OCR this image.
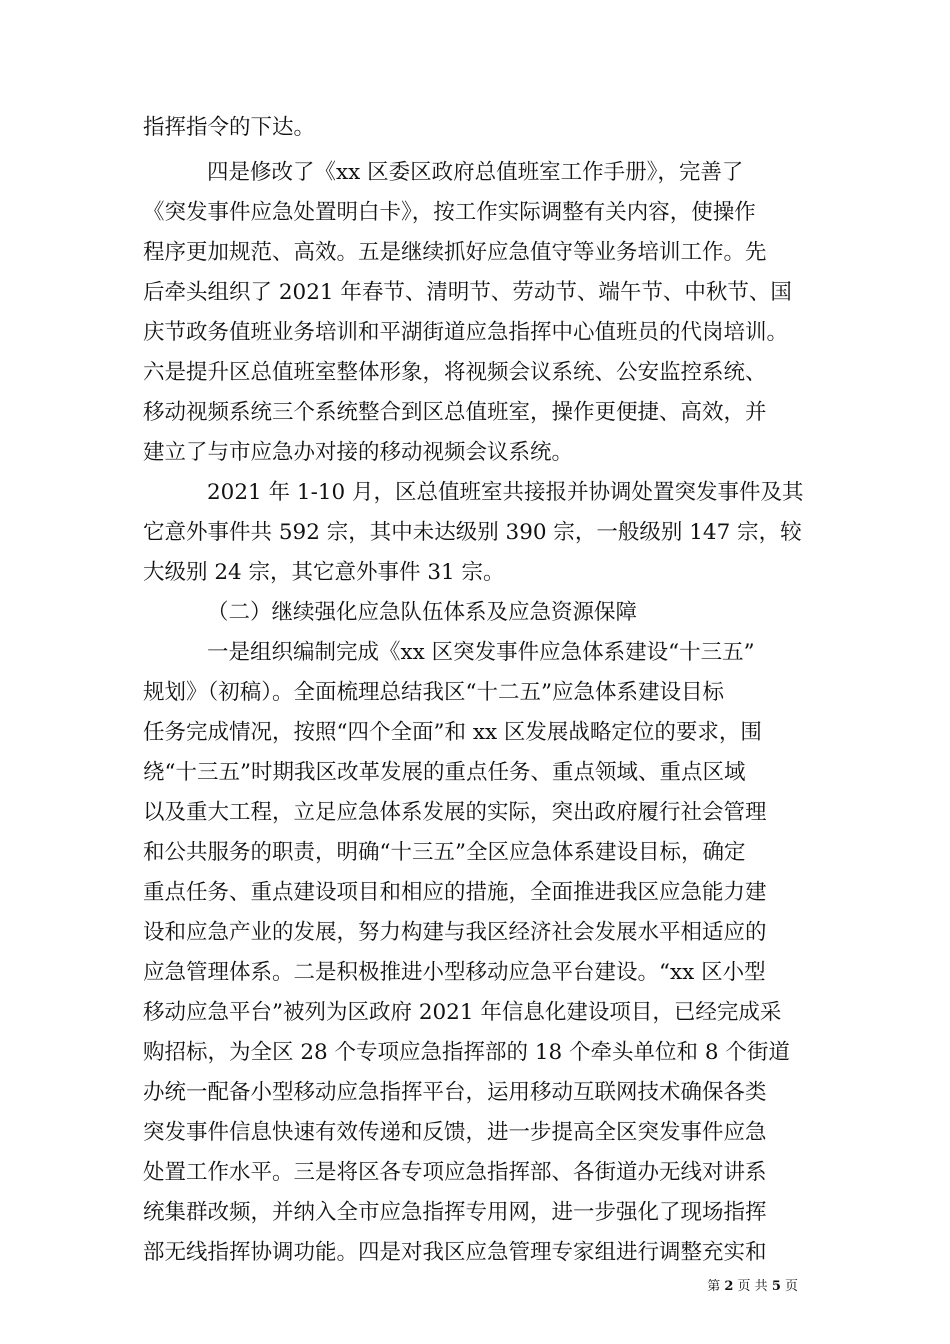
指挥指令的下达。
四是修改了《xx 区委区政府总值班室工作手册》，完善了
《突发事件应急处置明白卡》，按工作实际调整有关内容，使操作
程序更加规范、高效。五是继续抓好应急值守等业务培训工作。先
后牵头组织了 2021 年春节、清明节、劳动节、端午节、中秋节、国
庆节政务值班业务培训和平湖街道应急指挥中心值班员的代岗培训。
六是提升区总值班室整体形象，将视频会议系统、公安监控系统、
移动视频系统三个系统整合到区总值班室，操作更便捷、高效，并
建立了与市应急办对接的移动视频会议系统。
2021 年 1-10 月，区总值班室共接报并协调处置突发事件及其
它意外事件共 592 宗，其中未达级别 390 宗，一般级别 147 宗，较
大级别 24 宗，其它意外事件 31 宗。
（二）继续强化应急队伍体系及应急资源保障
一是组织编制完成《xx 区突发事件应急体系建设“十三五”
规划》（初稿）。全面梳理总结我区“十二五”应急体系建设目标
任务完成情况，按照“四个全面”和 xx 区发展战略定位的要求，围
绕“十三五”时期我区改革发展的重点任务、重点领域、重点区域
以及重大工程，立足应急体系发展的实际，突出政府履行社会管理
和公共服务的职责，明确“十三五”全区应急体系建设目标，确定
重点任务、重点建设项目和相应的措施，全面推进我区应急能力建
设和应急产业的发展，努力构建与我区经济社会发展水平相适应的
应急管理体系。二是积极推进小型移动应急平台建设。“xx 区小型
移动应急平台”被列为区政府 2021 年信息化建设项目，已经完成采
购招标，为全区 28 个专项应急指挥部的 18 个牵头单位和 8 个街道
办统一配备小型移动应急指挥平台，运用移动互联网技术确保各类
突发事件信息快速有效传递和反馈，进一步提高全区突发事件应急
处置工作水平。三是将区各专项应急指挥部、各街道办无线对讲系
统集群改频，并纳入全市应急指挥专用网，进一步强化了现场指挥
部无线指挥协调功能。四是对我区应急管理专家组进行调整充实和
第 2 页 共 5 页
